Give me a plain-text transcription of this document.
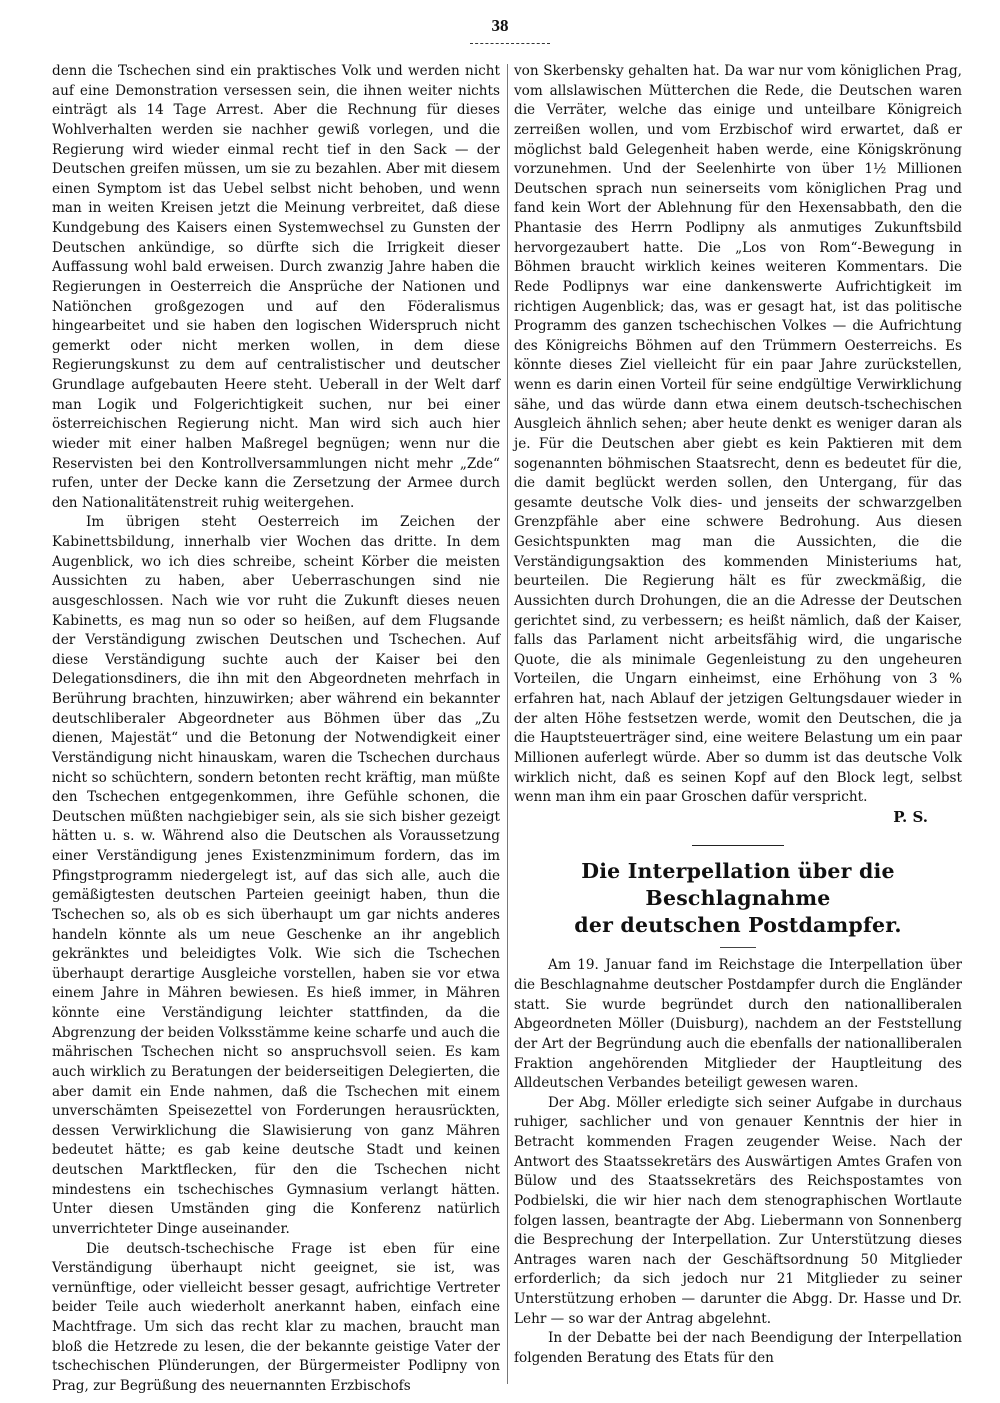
38

denn die Tschechen sind ein praktisches Volk und werden nicht auf eine Demonstration versessen sein, die ihnen weiter nichts einträgt als 14 Tage Arrest. Aber die Rechnung für dieses Wohlverhalten werden sie nachher gewiß vorlegen, und die Regierung wird wieder einmal recht tief in den Sack — der Deutschen greifen müssen, um sie zu bezahlen. Aber mit diesem einen Symptom ist das Uebel selbst nicht behoben, und wenn man in weiten Kreisen jetzt die Meinung verbreitet, daß diese Kundgebung des Kaisers einen Systemwechsel zu Gunsten der Deutschen ankündige, so dürfte sich die Irrigkeit dieser Auffassung wohl bald erweisen. Durch zwanzig Jahre haben die Regierungen in Oesterreich die Ansprüche der Nationen und Natiönchen großgezogen und auf den Föderalismus hingearbeitet und sie haben den logischen Widerspruch nicht gemerkt oder nicht merken wollen, in dem diese Regierungskunst zu dem auf centralistischer und deutscher Grundlage aufgebauten Heere steht. Ueberall in der Welt darf man Logik und Folgerichtigkeit suchen, nur bei einer österreichischen Regierung nicht. Man wird sich auch hier wieder mit einer halben Maßregel begnügen; wenn nur die Reservisten bei den Kontrollversammlungen nicht mehr „Zde“ rufen, unter der Decke kann die Zersetzung der Armee durch den Nationalitätenstreit ruhig weitergehen.

Im übrigen steht Oesterreich im Zeichen der Kabinettsbildung, innerhalb vier Wochen das dritte. In dem Augenblick, wo ich dies schreibe, scheint Körber die meisten Aussichten zu haben, aber Ueberraschungen sind nie ausgeschlossen. Nach wie vor ruht die Zukunft dieses neuen Kabinetts, es mag nun so oder so heißen, auf dem Flugsande der Verständigung zwischen Deutschen und Tschechen. Auf diese Verständigung suchte auch der Kaiser bei den Delegationsdiners, die ihn mit den Abgeordneten mehrfach in Berührung brachten, hinzuwirken; aber während ein bekannter deutschliberaler Abgeordneter aus Böhmen über das „Zu dienen, Majestät“ und die Betonung der Notwendigkeit einer Verständigung nicht hinauskam, waren die Tschechen durchaus nicht so schüchtern, sondern betonten recht kräftig, man müßte den Tschechen entgegenkommen, ihre Gefühle schonen, die Deutschen müßten nachgiebiger sein, als sie sich bisher gezeigt hätten u. s. w. Während also die Deutschen als Voraussetzung einer Verständigung jenes Existenzminimum fordern, das im Pfingstprogramm niedergelegt ist, auf das sich alle, auch die gemäßigtesten deutschen Parteien geeinigt haben, thun die Tschechen so, als ob es sich überhaupt um gar nichts anderes handeln könnte als um neue Geschenke an ihr angeblich gekränktes und beleidigtes Volk. Wie sich die Tschechen überhaupt derartige Ausgleiche vorstellen, haben sie vor etwa einem Jahre in Mähren bewiesen. Es hieß immer, in Mähren könnte eine Verständigung leichter stattfinden, da die Abgrenzung der beiden Volksstämme keine scharfe und auch die mährischen Tschechen nicht so anspruchsvoll seien. Es kam auch wirklich zu Beratungen der beiderseitigen Delegierten, die aber damit ein Ende nahmen, daß die Tschechen mit einem unverschämten Speisezettel von Forderungen herausrückten, dessen Verwirklichung die Slawisierung von ganz Mähren bedeutet hätte; es gab keine deutsche Stadt und keinen deutschen Marktflecken, für den die Tschechen nicht mindestens ein tschechisches Gymnasium verlangt hätten. Unter diesen Umständen ging die Konferenz natürlich unverrichteter Dinge auseinander.

Die deutsch-tschechische Frage ist eben für eine Verständigung überhaupt nicht geeignet, sie ist, was vernünftige, oder vielleicht besser gesagt, aufrichtige Vertreter beider Teile auch wiederholt anerkannt haben, einfach eine Machtfrage. Um sich das recht klar zu machen, braucht man bloß die Hetzrede zu lesen, die der bekannte geistige Vater der tschechischen Plünderungen, der Bürgermeister Podlipny von Prag, zur Begrüßung des neuernannten Erzbischofs

von Skerbensky gehalten hat. Da war nur vom königlichen Prag, vom allslawischen Mütterchen die Rede, die Deutschen waren die Verräter, welche das einige und unteilbare Königreich zerreißen wollen, und vom Erzbischof wird erwartet, daß er möglichst bald Gelegenheit haben werde, eine Königskrönung vorzunehmen. Und der Seelenhirte von über 1½ Millionen Deutschen sprach nun seinerseits vom königlichen Prag und fand kein Wort der Ablehnung für den Hexensabbath, den die Phantasie des Herrn Podlipny als anmutiges Zukunftsbild hervorgezaubert hatte. Die „Los von Rom“-Bewegung in Böhmen braucht wirklich keines weiteren Kommentars. Die Rede Podlipnys war eine dankenswerte Aufrichtigkeit im richtigen Augenblick; das, was er gesagt hat, ist das politische Programm des ganzen tschechischen Volkes — die Aufrichtung des Königreichs Böhmen auf den Trümmern Oesterreichs. Es könnte dieses Ziel vielleicht für ein paar Jahre zurückstellen, wenn es darin einen Vorteil für seine endgültige Verwirklichung sähe, und das würde dann etwa einem deutsch-tschechischen Ausgleich ähnlich sehen; aber heute denkt es weniger daran als je. Für die Deutschen aber giebt es kein Paktieren mit dem sogenannten böhmischen Staatsrecht, denn es bedeutet für die, die damit beglückt werden sollen, den Untergang, für das gesamte deutsche Volk dies- und jenseits der schwarzgelben Grenzpfähle aber eine schwere Bedrohung. Aus diesen Gesichtspunkten mag man die Aussichten, die die Verständigungsaktion des kommenden Ministeriums hat, beurteilen. Die Regierung hält es für zweckmäßig, die Aussichten durch Drohungen, die an die Adresse der Deutschen gerichtet sind, zu verbessern; es heißt nämlich, daß der Kaiser, falls das Parlament nicht arbeitsfähig wird, die ungarische Quote, die als minimale Gegenleistung zu den ungeheuren Vorteilen, die Ungarn einheimst, eine Erhöhung von 3 % erfahren hat, nach Ablauf der jetzigen Geltungsdauer wieder in der alten Höhe festsetzen werde, womit den Deutschen, die ja die Hauptsteuerträger sind, eine weitere Belastung um ein paar Millionen auferlegt würde. Aber so dumm ist das deutsche Volk wirklich nicht, daß es seinen Kopf auf den Block legt, selbst wenn man ihm ein paar Groschen dafür verspricht.

P. S.

Die Interpellation über die Beschlagnahme
der deutschen Postdampfer.

Am 19. Januar fand im Reichstage die Interpellation über die Beschlagnahme deutscher Postdampfer durch die Engländer statt. Sie wurde begründet durch den nationalliberalen Abgeordneten Möller (Duisburg), nachdem an der Feststellung der Art der Begründung auch die ebenfalls der nationalliberalen Fraktion angehörenden Mitglieder der Hauptleitung des Alldeutschen Verbandes beteiligt gewesen waren.

Der Abg. Möller erledigte sich seiner Aufgabe in durchaus ruhiger, sachlicher und von genauer Kenntnis der hier in Betracht kommenden Fragen zeugender Weise. Nach der Antwort des Staatssekretärs des Auswärtigen Amtes Grafen von Bülow und des Staatssekretärs des Reichspostamtes von Podbielski, die wir hier nach dem stenographischen Wortlaute folgen lassen, beantragte der Abg. Liebermann von Sonnenberg die Besprechung der Interpellation. Zur Unterstützung dieses Antrages waren nach der Geschäftsordnung 50 Mitglieder erforderlich; da sich jedoch nur 21 Mitglieder zu seiner Unterstützung erhoben — darunter die Abgg. Dr. Hasse und Dr. Lehr — so war der Antrag abgelehnt.

In der Debatte bei der nach Beendigung der Interpellation folgenden Beratung des Etats für den
